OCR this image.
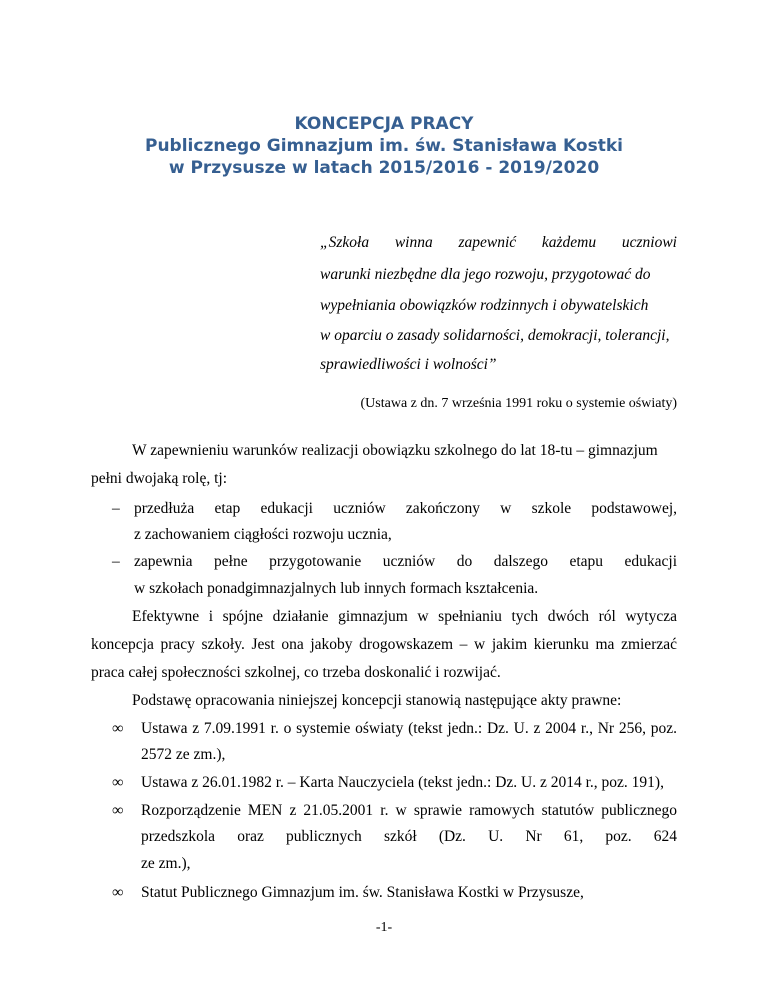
KONCEPCJA PRACY
Publicznego Gimnazjum im. św. Stanisława Kostki
w Przysusze w latach 2015/2016 - 2019/2020
„Szkoła winna zapewnić każdemu uczniowi
warunki niezbędne dla jego rozwoju, przygotować do
wypełniania obowiązków rodzinnych i obywatelskich
w oparciu o zasady solidarności, demokracji, tolerancji,
sprawiedliwości i wolności”
(Ustawa z dn. 7 września 1991 roku o systemie oświaty)
W zapewnieniu warunków realizacji obowiązku szkolnego do lat 18-tu – gimnazjum
pełni dwojaką rolę, tj:
– przedłuża etap edukacji uczniów zakończony w szkole podstawowej,
z zachowaniem ciągłości rozwoju ucznia,
– zapewnia pełne przygotowanie uczniów do dalszego etapu edukacji
w szkołach ponadgimnazjalnych lub innych formach kształcenia.
Efektywne i spójne działanie gimnazjum w spełnianiu tych dwóch ról wytycza
koncepcja pracy szkoły. Jest ona jakoby drogowskazem – w jakim kierunku ma zmierzać
praca całej społeczności szkolnej, co trzeba doskonalić i rozwijać.
Podstawę opracowania niniejszej koncepcji stanowią następujące akty prawne:
∞ Ustawa z 7.09.1991 r. o systemie oświaty (tekst jedn.: Dz. U. z 2004 r., Nr 256, poz.
2572 ze zm.),
∞ Ustawa z 26.01.1982 r. – Karta Nauczyciela (tekst jedn.: Dz. U. z 2014 r., poz. 191),
∞ Rozporządzenie MEN z 21.05.2001 r. w sprawie ramowych statutów publicznego
przedszkola oraz publicznych szkół (Dz. U. Nr 61, poz. 624
ze zm.),
∞ Statut Publicznego Gimnazjum im. św. Stanisława Kostki w Przysusze,
-1-
